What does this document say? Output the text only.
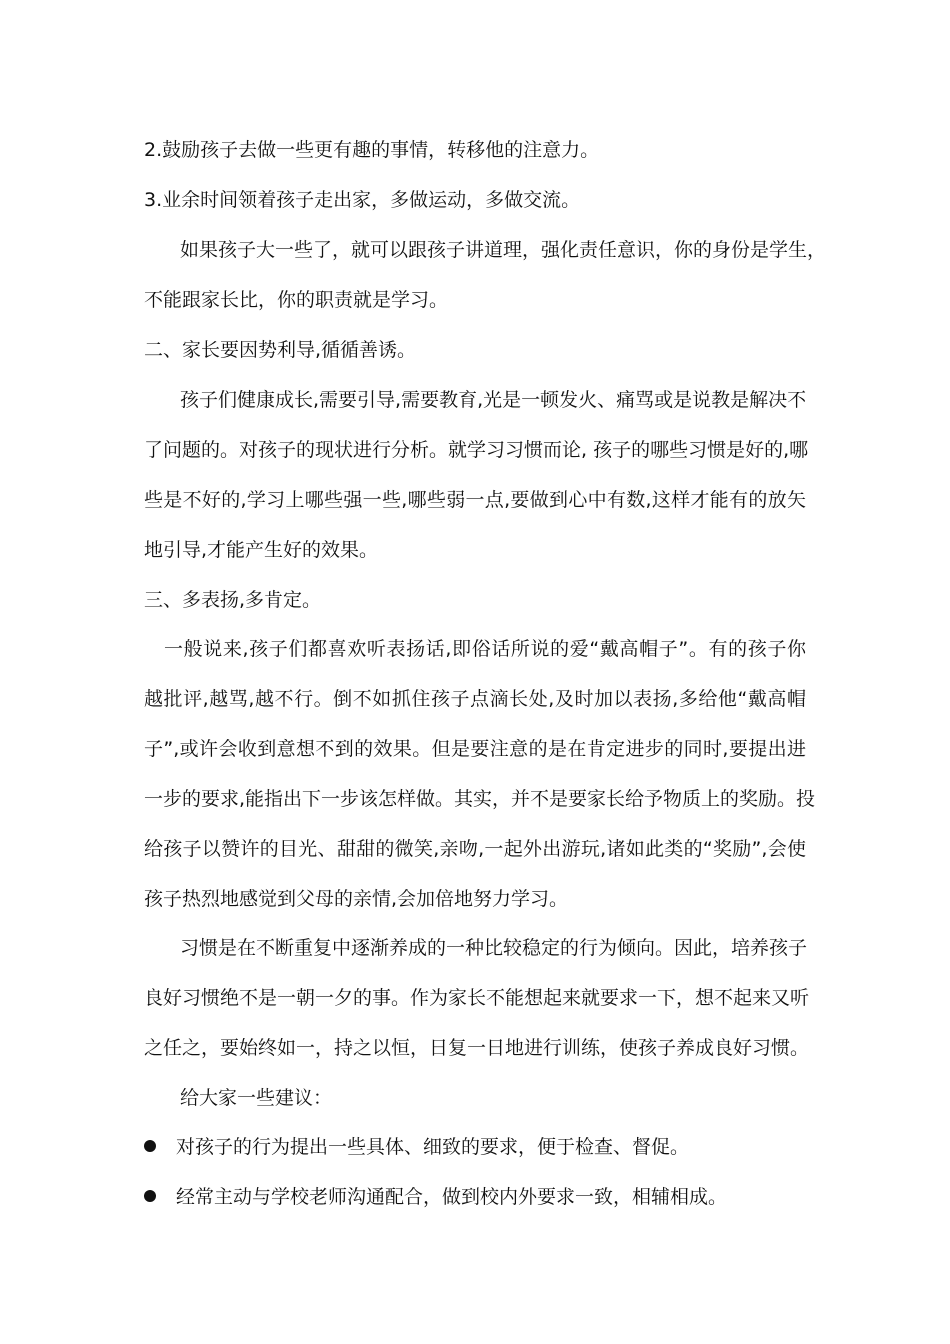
2.鼓励孩子去做一些更有趣的事情，转移他的注意力。
3.业余时间领着孩子走出家，多做运动，多做交流。
如果孩子大一些了，就可以跟孩子讲道理，强化责任意识，你的身份是学生，
不能跟家长比，你的职责就是学习。
二、家长要因势利导,循循善诱。
孩子们健康成长,需要引导,需要教育,光是一顿发火、痛骂或是说教是解决不
了问题的。对孩子的现状进行分析。就学习习惯而论, 孩子的哪些习惯是好的,哪
些是不好的,学习上哪些强一些,哪些弱一点,要做到心中有数,这样才能有的放矢
地引导,才能产生好的效果。
三、多表扬,多肯定。
一般说来,孩子们都喜欢听表扬话,即俗话所说的爱“戴高帽子”。有的孩子你
越批评,越骂,越不行。倒不如抓住孩子点滴长处,及时加以表扬,多给他“戴高帽
子”,或许会收到意想不到的效果。但是要注意的是在肯定进步的同时,要提出进
一步的要求,能指出下一步该怎样做。其实，并不是要家长给予物质上的奖励。投
给孩子以赞许的目光、甜甜的微笑,亲吻,一起外出游玩,诸如此类的“奖励”,会使
孩子热烈地感觉到父母的亲情,会加倍地努力学习。
习惯是在不断重复中逐渐养成的一种比较稳定的行为倾向。因此，培养孩子
良好习惯绝不是一朝一夕的事。作为家长不能想起来就要求一下，想不起来又听
之任之，要始终如一，持之以恒，日复一日地进行训练，使孩子养成良好习惯。
给大家一些建议：
对孩子的行为提出一些具体、细致的要求，便于检查、督促。
经常主动与学校老师沟通配合，做到校内外要求一致，相辅相成。
